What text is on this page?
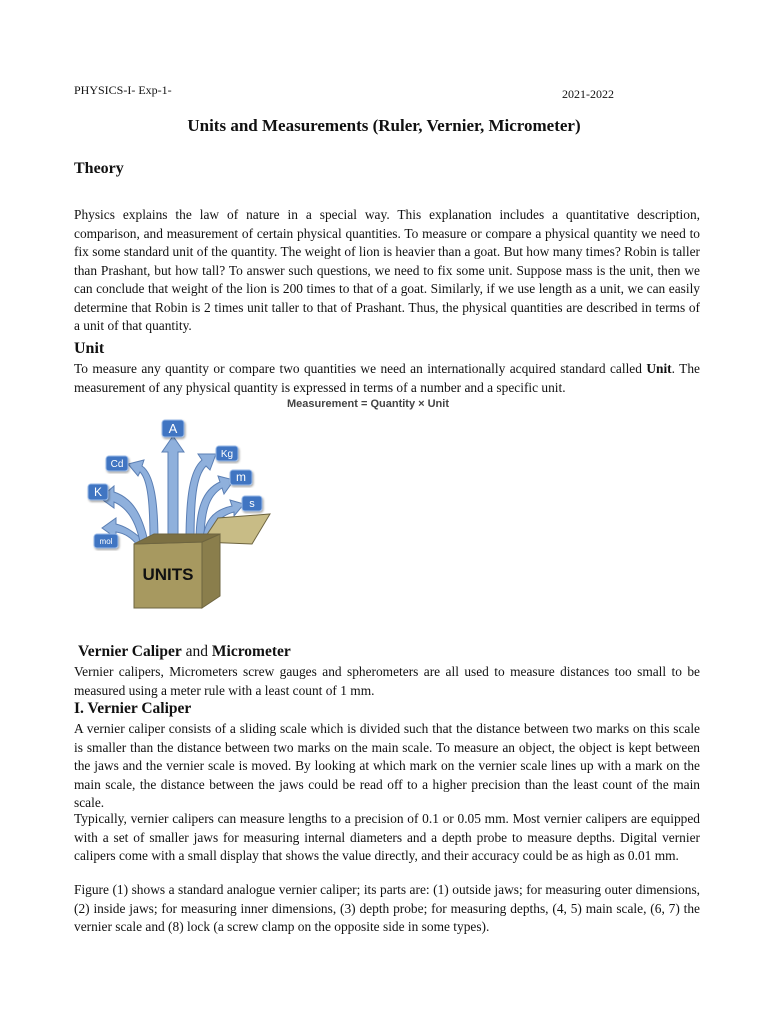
PHYSICS-I- Exp-1-	2021-2022
Units and Measurements (Ruler, Vernier, Micrometer)
Theory
Physics explains the law of nature in a special way. This explanation includes a quantitative description, comparison, and measurement of certain physical quantities. To measure or compare a physical quantity we need to fix some standard unit of the quantity. The weight of lion is heavier than a goat. But how many times? Robin is taller than Prashant, but how tall? To answer such questions, we need to fix some unit. Suppose mass is the unit, then we can conclude that weight of the lion is 200 times to that of a goat. Similarly, if we use length as a unit, we can easily determine that Robin is 2 times unit taller to that of Prashant. Thus, the physical quantities are described in terms of a unit of that quantity.
Unit
To measure any quantity or compare two quantities we need an internationally acquired standard called Unit. The measurement of any physical quantity is expressed in terms of a number and a specific unit.
Measurement = Quantity × Unit
UNITS
A
Kg
Cd
m
K
s
mol
Vernier Caliper and Micrometer
Vernier calipers, Micrometers screw gauges and spherometers are all used to measure distances too small to be measured using a meter rule with a least count of 1 mm.
I. Vernier Caliper
A vernier caliper consists of a sliding scale which is divided such that the distance between two marks on this scale is smaller than the distance between two marks on the main scale. To measure an object, the object is kept between the jaws and the vernier scale is moved. By looking at which mark on the vernier scale lines up with a mark on the main scale, the distance between the jaws could be read off to a higher precision than the least count of the main scale.
Typically, vernier calipers can measure lengths to a precision of 0.1 or 0.05 mm. Most vernier calipers are equipped with a set of smaller jaws for measuring internal diameters and a depth probe to measure depths. Digital vernier calipers come with a small display that shows the value directly, and their accuracy could be as high as 0.01 mm.
Figure (1) shows a standard analogue vernier caliper; its parts are: (1) outside jaws; for measuring outer dimensions, (2) inside jaws; for measuring inner dimensions, (3) depth probe; for measuring depths, (4, 5) main scale, (6, 7) the vernier scale and (8) lock (a screw clamp on the opposite side in some types).
